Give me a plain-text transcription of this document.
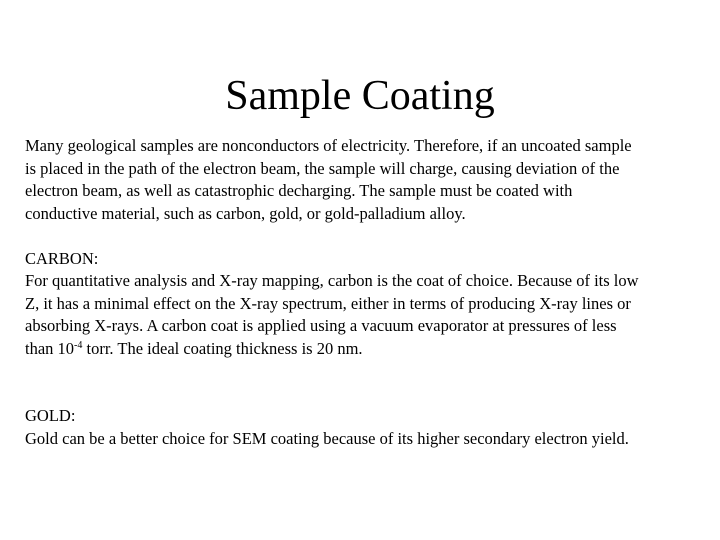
Sample Coating

Many geological samples are nonconductors of electricity. Therefore, if an uncoated sample
is placed in the path of the electron beam, the sample will charge, causing deviation of the
electron beam, as well as catastrophic decharging. The sample must be coated with
conductive material, such as carbon, gold, or gold-palladium alloy.

CARBON:
For quantitative analysis and X-ray mapping, carbon is the coat of choice. Because of its low
Z, it has a minimal effect on the X-ray spectrum, either in terms of producing X-ray lines or
absorbing X-rays. A carbon coat is applied using a vacuum evaporator at pressures of less
than $10^{-4}$ torr. The ideal coating thickness is 20 nm.

GOLD:
Gold can be a better choice for SEM coating because of its higher secondary electron yield.
